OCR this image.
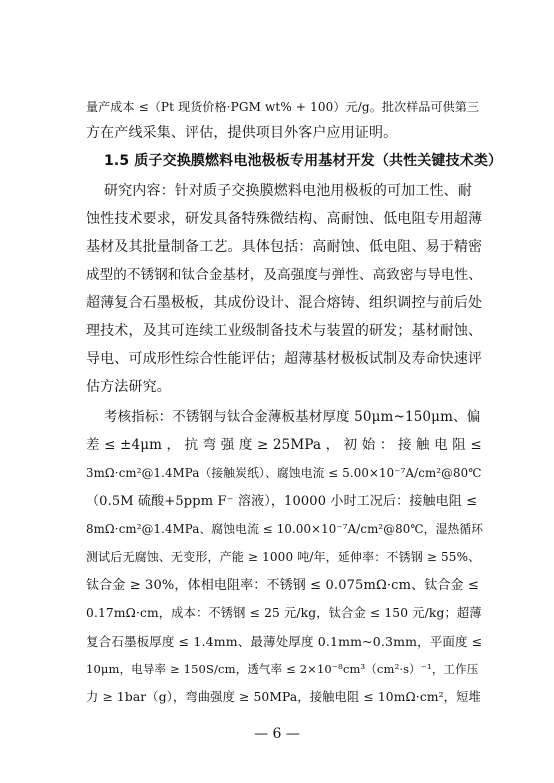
量产成本 ≤（Pt 现货价格·PGM wt% + 100）元/g。批次样品可供第三
方在产线采集、评估，提供项目外客户应用证明。
1.5 质子交换膜燃料电池极板专用基材开发（共性关键技术类）
研究内容：针对质子交换膜燃料电池用极板的可加工性、耐
蚀性技术要求，研发具备特殊微结构、高耐蚀、低电阻专用超薄
基材及其批量制备工艺。具体包括：高耐蚀、低电阻、易于精密
成型的不锈钢和钛合金基材，及高强度与弹性、高致密与导电性、
超薄复合石墨极板，其成份设计、混合熔铸、组织调控与前后处
理技术，及其可连续工业级制备技术与装置的研发；基材耐蚀、
导电、可成形性综合性能评估；超薄基材极板试制及寿命快速评
估方法研究。
考核指标：不锈钢与钛合金薄板基材厚度 50μm~150μm、偏
差 ≤ ±4μm ， 抗 弯 强 度 ≥ 25MPa ， 初 始 ： 接 触 电 阻 ≤
3mΩ·cm²@1.4MPa（接触炭纸）、腐蚀电流 ≤ 5.00×10⁻⁷A/cm²@80℃
（0.5M 硫酸+5ppm F⁻ 溶液），10000 小时工况后：接触电阻 ≤
8mΩ·cm²@1.4MPa、腐蚀电流 ≤ 10.00×10⁻⁷A/cm²@80℃，湿热循环
测试后无腐蚀、无变形，产能 ≥ 1000 吨/年，延伸率：不锈钢 ≥ 55%、
钛合金 ≥ 30%，体相电阻率：不锈钢 ≤ 0.075mΩ·cm、钛合金 ≤
0.17mΩ·cm，成本：不锈钢 ≤ 25 元/kg，钛合金 ≤ 150 元/kg；超薄
复合石墨板厚度 ≤ 1.4mm、最薄处厚度 0.1mm~0.3mm，平面度 ≤
10μm，电导率 ≥ 150S/cm，透气率 ≤ 2×10⁻⁸cm³（cm²·s）⁻¹，工作压
力 ≥ 1bar（g），弯曲强度 ≥ 50MPa，接触电阻 ≤ 10mΩ·cm²，短堆
— 6 —
